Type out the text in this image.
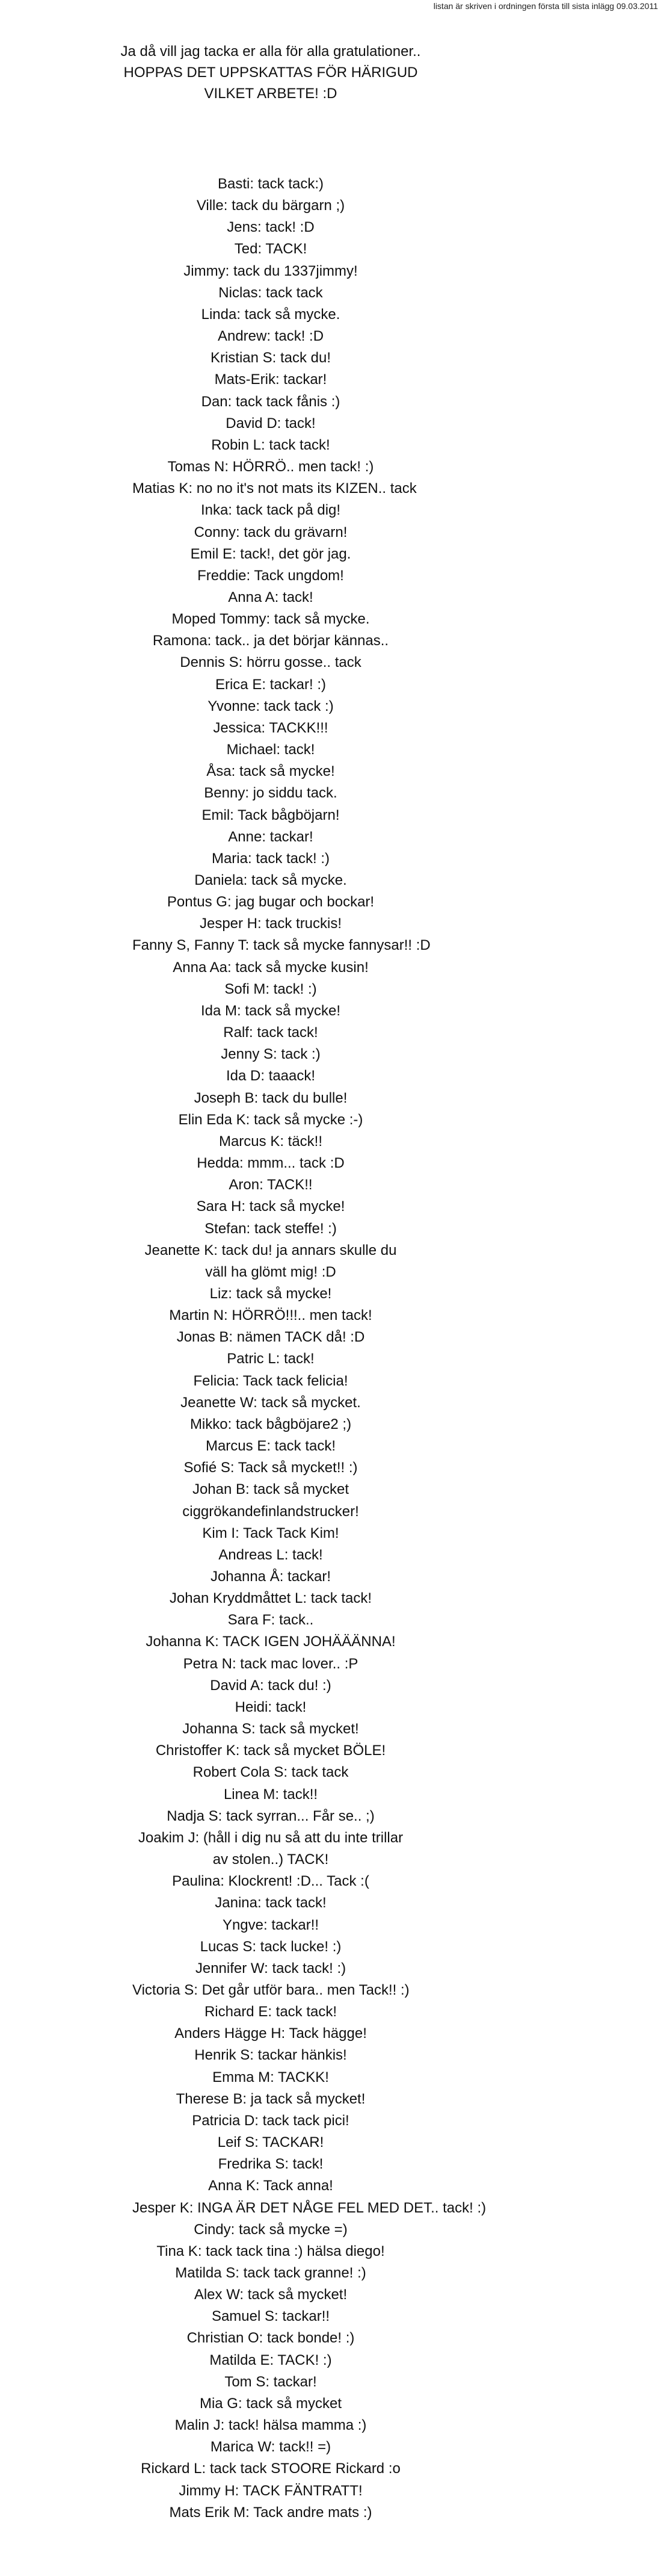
listan är skriven i ordningen första till sista inlägg 09.03.2011

Ja då vill jag tacka er alla för alla gratulationer..

HOPPAS DET UPPSKATTAS FÖR HÄRIGUD VILKET ARBETE! :D

Basti: tack tack:)
Ville: tack du bärgarn ;)
Jens: tack! :D
Ted: TACK!
Jimmy: tack du 1337jimmy!
Niclas: tack tack
Linda: tack så mycke.
Andrew: tack! :D
Kristian S: tack du!
Mats-Erik: tackar!
Dan: tack tack fånis :)
David D: tack!
Robin L: tack tack!
Tomas N: HÖRRÖ.. men tack! :)
Matias K: no no it's not mats its KIZEN.. tack
Inka: tack tack på dig!
Conny: tack du grävarn!
Emil E: tack!, det gör jag.
Freddie: Tack ungdom!
Anna A: tack!
Moped Tommy: tack så mycke.
Ramona: tack.. ja det börjar kännas..
Dennis S: hörru gosse.. tack
Erica E: tackar! :)
Yvonne: tack tack :)
Jessica: TACKK!!!
Michael: tack!
Åsa: tack så mycke!
Benny: jo siddu tack.
Emil: Tack bågböjarn!
Anne: tackar!
Maria: tack tack! :)
Daniela: tack så mycke.
Pontus G: jag bugar och bockar!
Jesper H: tack truckis!
Fanny S, Fanny T: tack så mycke fannysar!! :D
Anna Aa: tack så mycke kusin!
Sofi M: tack! :)
Ida M: tack så mycke!
Ralf: tack tack!
Jenny S: tack :)
Ida D: taaack!
Joseph B: tack du bulle!
Elin Eda K: tack så mycke :-)
Marcus K: täck!!
Hedda: mmm... tack :D
Aron: TACK!!
Sara H: tack så mycke!
Stefan: tack steffe! :)
Jeanette K: tack du! ja annars skulle du väll ha glömt mig! :D
Liz: tack så mycke!
Martin N: HÖRRÖ!!!.. men tack!
Jonas B: nämen TACK då! :D
Patric L: tack!
Felicia: Tack tack felicia!
Jeanette W: tack så mycket.
Mikko: tack bågböjare2 ;)
Marcus E: tack tack!
Sofié S: Tack så mycket!! :)
Johan B: tack så mycket ciggrökandefinlandstrucker!
Kim I: Tack Tack Kim!
Andreas L: tack!
Johanna Å: tackar!
Johan Kryddmåttet L: tack tack!
Sara F: tack..
Johanna K: TACK IGEN JOHÄÄÄNNA!
Petra N: tack mac lover.. :P
David A: tack du! :)
Heidi: tack!
Johanna S: tack så mycket!
Christoffer K: tack så mycket BÖLE!
Robert Cola S: tack tack
Linea M: tack!!
Nadja S: tack syrran... Får se.. ;)
Joakim J: (håll i dig nu så att du inte trillar av stolen..) TACK!
Paulina: Klockrent! :D... Tack :(
Janina: tack tack!
Yngve: tackar!!
Lucas S: tack lucke! :)
Jennifer W: tack tack! :)
Victoria S: Det går utför bara.. men Tack!! :)
Richard E: tack tack!
Anders Hägge H: Tack hägge!
Henrik S: tackar hänkis!
Emma M: TACKK!
Therese B: ja tack så mycket!
Patricia D: tack tack pici!
Leif S: TACKAR!
Fredrika S: tack!
Anna K: Tack anna!
Jesper K: INGA ÄR DET NÅGE FEL MED DET.. tack! :)
Cindy: tack så mycke =)
Tina K: tack tack tina :) hälsa diego!
Matilda S: tack tack granne! :)
Alex W: tack så mycket!
Samuel S: tackar!!
Christian O: tack bonde! :)
Matilda E: TACK! :)
Tom S: tackar!
Mia G: tack så mycket
Malin J: tack! hälsa mamma :)
Marica W: tack!! =)
Rickard L: tack tack STOORE Rickard :o
Jimmy H: TACK FÄNTRATT!
Mats Erik M: Tack andre mats :)
